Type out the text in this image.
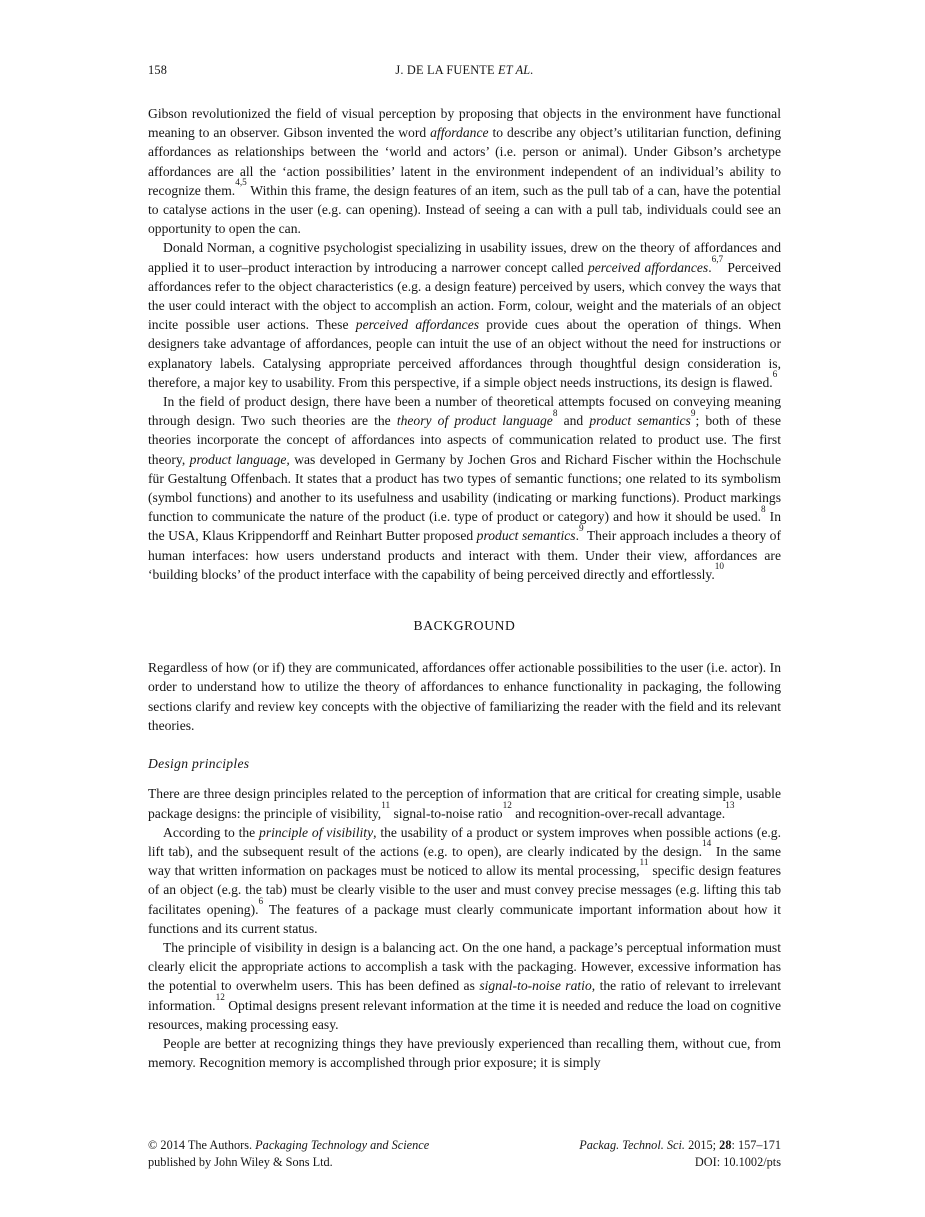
158	J. DE LA FUENTE ET AL.

Gibson revolutionized the field of visual perception by proposing that objects in the environment have functional meaning to an observer. Gibson invented the word affordance to describe any object’s utilitarian function, defining affordances as relationships between the ‘world and actors’ (i.e. person or animal). Under Gibson’s archetype affordances are all the ‘action possibilities’ latent in the environment independent of an individual’s ability to recognize them.$^{4,5}$ Within this frame, the design features of an item, such as the pull tab of a can, have the potential to catalyse actions in the user (e.g. can opening). Instead of seeing a can with a pull tab, individuals could see an opportunity to open the can.

Donald Norman, a cognitive psychologist specializing in usability issues, drew on the theory of affordances and applied it to user–product interaction by introducing a narrower concept called perceived affordances.$^{6,7}$ Perceived affordances refer to the object characteristics (e.g. a design feature) perceived by users, which convey the ways that the user could interact with the object to accomplish an action. Form, colour, weight and the materials of an object incite possible user actions. These perceived affordances provide cues about the operation of things. When designers take advantage of affordances, people can intuit the use of an object without the need for instructions or explanatory labels. Catalysing appropriate perceived affordances through thoughtful design consideration is, therefore, a major key to usability. From this perspective, if a simple object needs instructions, its design is flawed.$^6$

In the field of product design, there have been a number of theoretical attempts focused on conveying meaning through design. Two such theories are the theory of product language$^8$ and product semantics$^9$; both of these theories incorporate the concept of affordances into aspects of communication related to product use. The first theory, product language, was developed in Germany by Jochen Gros and Richard Fischer within the Hochschule für Gestaltung Offenbach. It states that a product has two types of semantic functions; one related to its symbolism (symbol functions) and another to its usefulness and usability (indicating or marking functions). Product markings function to communicate the nature of the product (i.e. type of product or category) and how it should be used.$^8$ In the USA, Klaus Krippendorff and Reinhart Butter proposed product semantics.$^9$ Their approach includes a theory of human interfaces: how users understand products and interact with them. Under their view, affordances are ‘building blocks’ of the product interface with the capability of being perceived directly and effortlessly.$^{10}$

BACKGROUND

Regardless of how (or if) they are communicated, affordances offer actionable possibilities to the user (i.e. actor). In order to understand how to utilize the theory of affordances to enhance functionality in packaging, the following sections clarify and review key concepts with the objective of familiarizing the reader with the field and its relevant theories.

Design principles

There are three design principles related to the perception of information that are critical for creating simple, usable package designs: the principle of visibility,$^{11}$ signal-to-noise ratio$^{12}$ and recognition-over-recall advantage.$^{13}$

According to the principle of visibility, the usability of a product or system improves when possible actions (e.g. lift tab), and the subsequent result of the actions (e.g. to open), are clearly indicated by the design.$^{14}$ In the same way that written information on packages must be noticed to allow its mental processing,$^{11}$ specific design features of an object (e.g. the tab) must be clearly visible to the user and must convey precise messages (e.g. lifting this tab facilitates opening).$^6$ The features of a package must clearly communicate important information about how it functions and its current status.

The principle of visibility in design is a balancing act. On the one hand, a package’s perceptual information must clearly elicit the appropriate actions to accomplish a task with the packaging. However, excessive information has the potential to overwhelm users. This has been defined as signal-to-noise ratio, the ratio of relevant to irrelevant information.$^{12}$ Optimal designs present relevant information at the time it is needed and reduce the load on cognitive resources, making processing easy.

People are better at recognizing things they have previously experienced than recalling them, without cue, from memory. Recognition memory is accomplished through prior exposure; it is simply

© 2014 The Authors. Packaging Technology and Science
published by John Wiley & Sons Ltd.
Packag. Technol. Sci. 2015; 28: 157–171
DOI: 10.1002/pts
